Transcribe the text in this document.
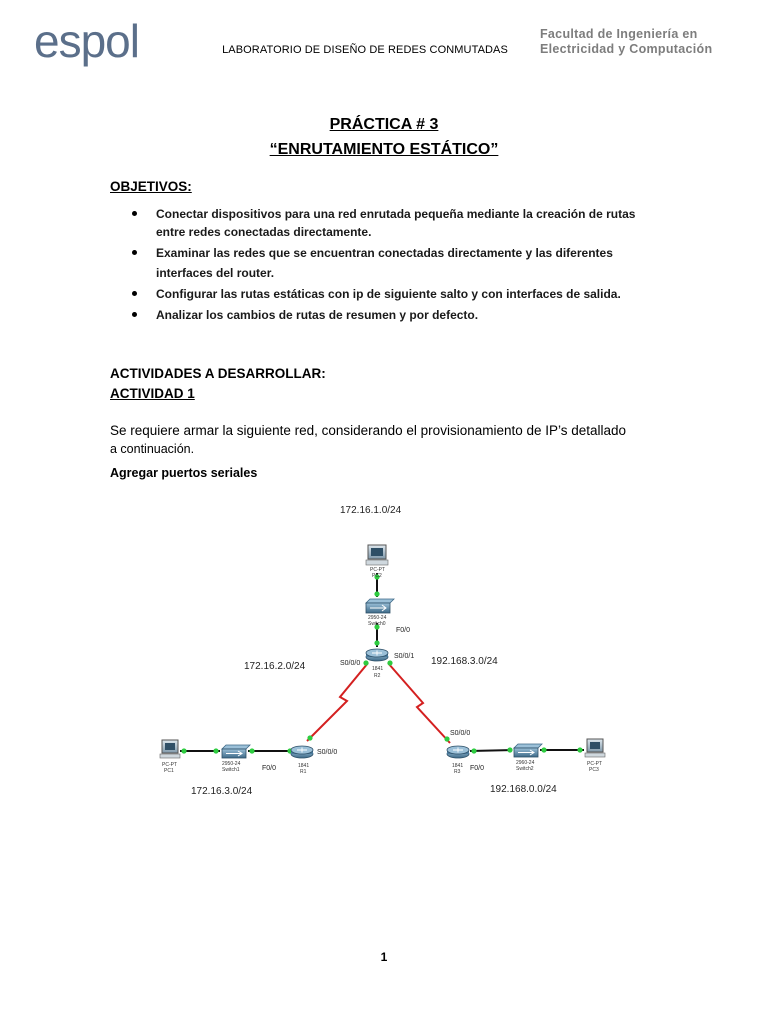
espol	LABORATORIO DE DISEÑO DE REDES CONMUTADAS
Facultad de Ingeniería en
Electricidad y Computación
PRÁCTICA # 3
“ENRUTAMIENTO ESTÁTICO”
OBJETIVOS:
Conectar dispositivos para una red enrutada pequeña mediante la creación de rutas
entre redes conectadas directamente.
Examinar las redes que se encuentran conectadas directamente y las diferentes
interfaces del router.
Configurar las rutas estáticas con ip de siguiente salto y con interfaces de salida.
Analizar los cambios de rutas de resumen y por defecto.
ACTIVIDADES A DESARROLLAR:
ACTIVIDAD 1
Se requiere armar la siguiente red, considerando el provisionamiento de IP’s detallado
a continuación.
Agregar puertos seriales
172.16.1.0/24
172.16.2.0/24	192.168.3.0/24
172.16.3.0/24	192.168.0.0/24
PC-PT
PC2
2950-24
Switch0
F0/0
1841
R2
S0/0/0
S0/0/1
PC-PT
PC1
2950-24
Switch1	F0/0	1841
R1
S0/0/0
1841
R3
S0/0/0
F0/0
2960-24
Switch2
PC-PT
PC3
1
